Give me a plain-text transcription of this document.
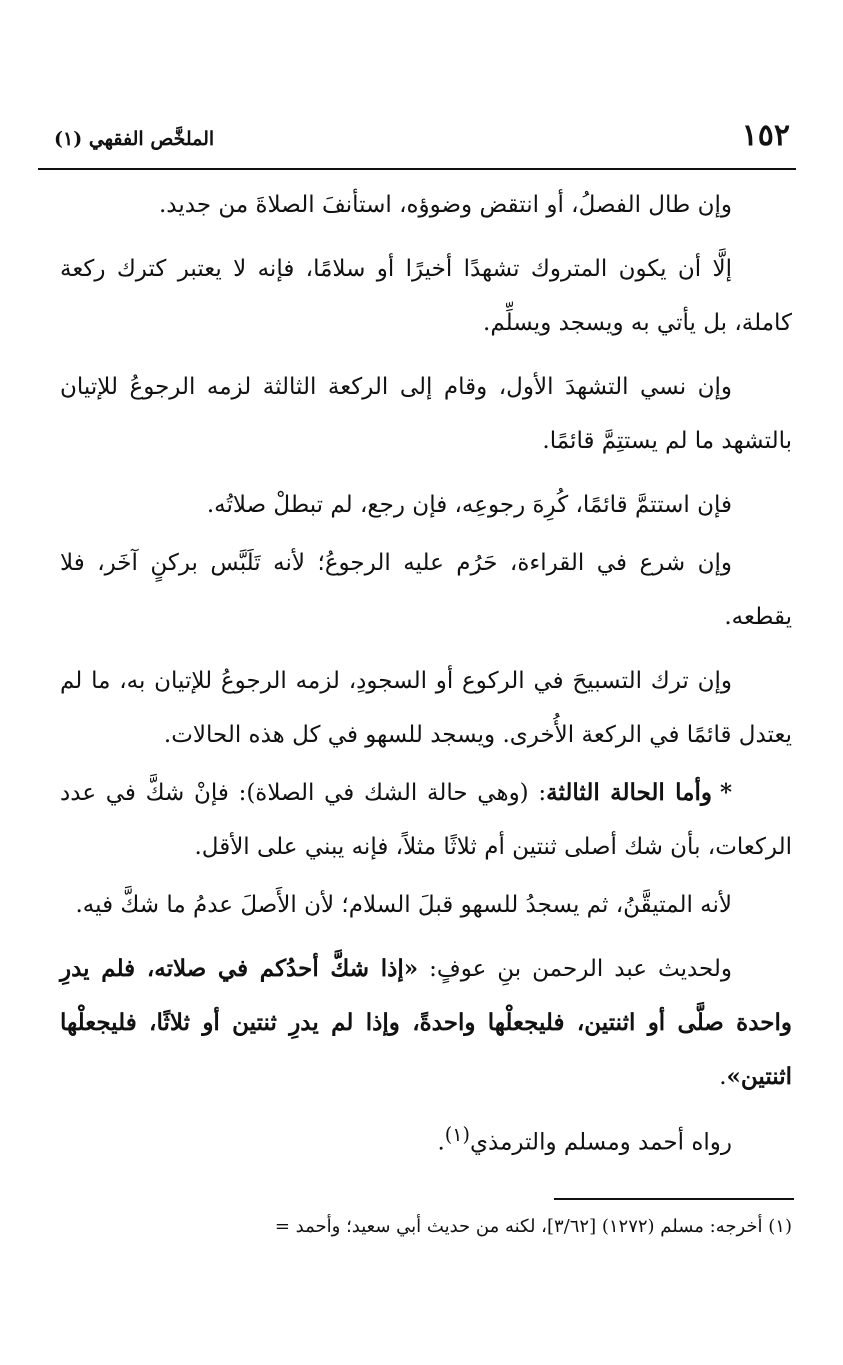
١٥٢
الملخَّص الفقهي (١)

وإن طال الفصلُ، أو انتقض وضوؤه، استأنفَ الصلاةَ من جديد.

إلَّا أن يكون المتروك تشهدًا أخيرًا أو سلامًا، فإنه لا يعتبر كترك ركعة كاملة، بل يأتي به ويسجد ويسلِّم.

وإن نسي التشهدَ الأول، وقام إلى الركعة الثالثة لزمه الرجوعُ للإتيان بالتشهد ما لم يستتِمَّ قائمًا.

فإن استتمَّ قائمًا، كُرِهَ رجوعِه، فإن رجع، لم تبطلْ صلاتُه.

وإن شرع في القراءة، حَرُم عليه الرجوعُ؛ لأنه تَلَبَّس بركنٍ آخَر، فلا يقطعه.

وإن ترك التسبيحَ في الركوع أو السجودِ، لزمه الرجوعُ للإتيان به، ما لم يعتدل قائمًا في الركعة الأُخرى. ويسجد للسهو في كل هذه الحالات.

*وأما الحالة الثالثة: (وهي حالة الشك في الصلاة): فإنْ شكَّ في عدد الركعات، بأن شك أصلى ثنتين أم ثلاثًا مثلاً، فإنه يبني على الأقل.

لأنه المتيقَّنُ، ثم يسجدُ للسهو قبلَ السلام؛ لأن الأَصلَ عدمُ ما شكَّ فيه.

ولحديث عبد الرحمن بنِ عوفٍ: «إذا شكَّ أحدُكم في صلاته، فلم يدرِ واحدة صلَّى أو اثنتين، فليجعلْها واحدةً، وإذا لم يدرِ ثنتين أو ثلاثًا، فليجعلْها اثنتين».

رواه أحمد ومسلم والترمذي$^{(١)}$.

(١) أخرجه: مسلم (١٢٧٢) [٣/٦٢]، لكنه من حديث أبي سعيد؛ وأحمد =
